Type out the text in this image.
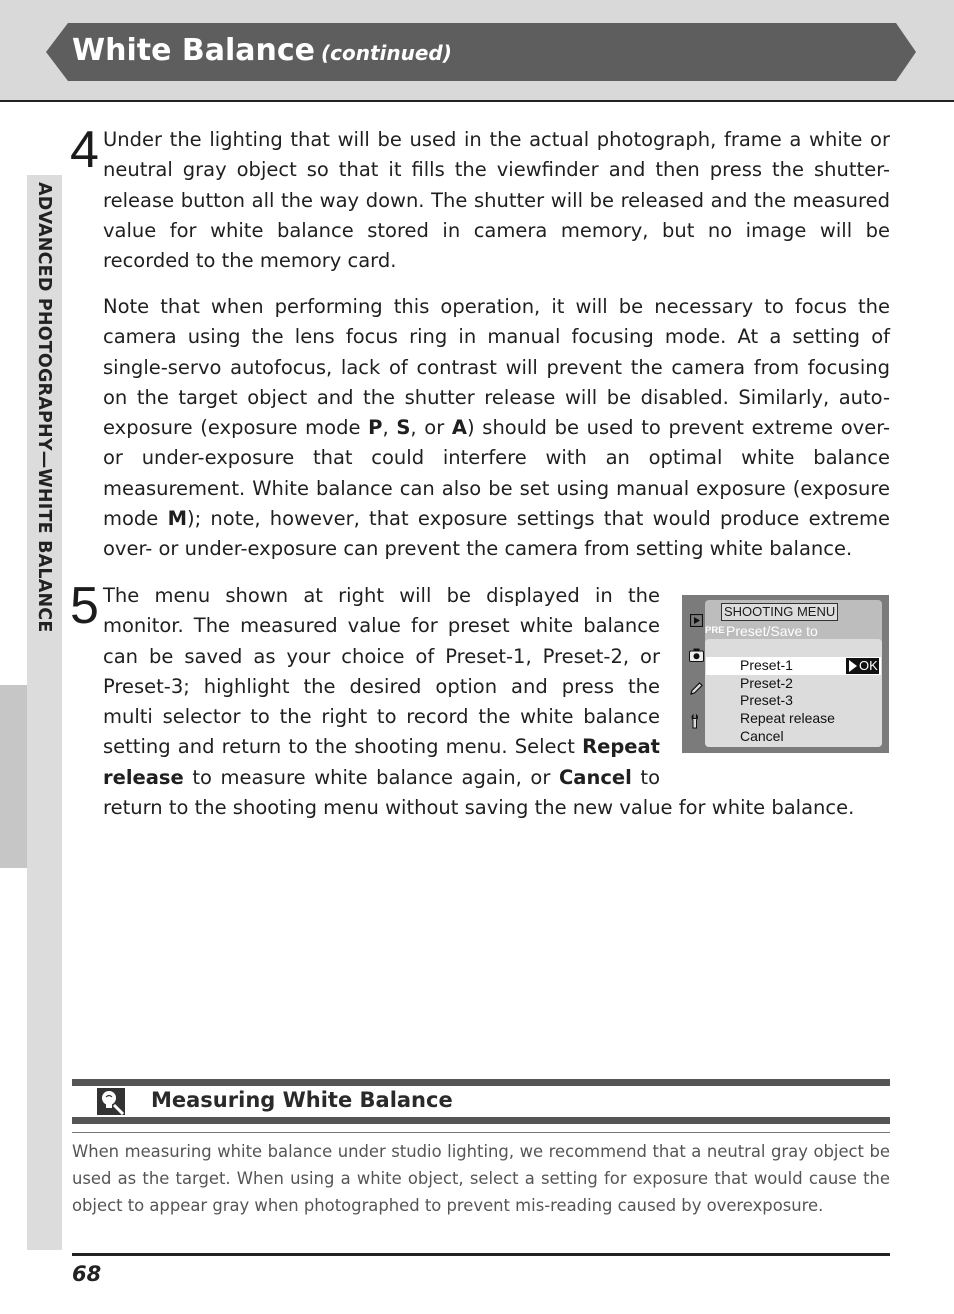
White Balance (continued)
ADVANCED PHOTOGRAPHY—WHITE BALANCE
4 Under the lighting that will be used in the actual photograph, frame a white or neutral gray object so that it fills the viewfinder and then press the shutter-release button all the way down. The shutter will be released and the measured value for white balance stored in camera memory, but no image will be recorded to the memory card.

Note that when performing this operation, it will be necessary to focus the camera using the lens focus ring in manual focusing mode. At a setting of single-servo autofocus, lack of contrast will prevent the camera from focusing on the target object and the shutter release will be disabled. Similarly, auto-exposure (exposure mode P, S, or A) should be used to prevent extreme over- or under-exposure that could interfere with an optimal white balance measurement. White balance can also be set using manual exposure (exposure mode M); note, however, that exposure settings that would produce extreme over- or under-exposure can prevent the camera from setting white balance.

5 The menu shown at right will be displayed in the monitor. The measured value for preset white balance can be saved as your choice of Preset-1, Preset-2, or Preset-3; highlight the desired option and press the multi selector to the right to record the white balance setting and return to the shooting menu. Select Repeat release to measure white balance again, or Cancel to return to the shooting menu without saving the new value for white balance.

SHOOTING MENU
PRE Preset/Save to
Preset-1
Preset-2
Preset-3
Repeat release
Cancel
OK
Measuring White Balance

When measuring white balance under studio lighting, we recommend that a neutral gray object be used as the target. When using a white object, select a setting for exposure that would cause the object to appear gray when photographed to prevent mis-reading caused by overexposure.

68
